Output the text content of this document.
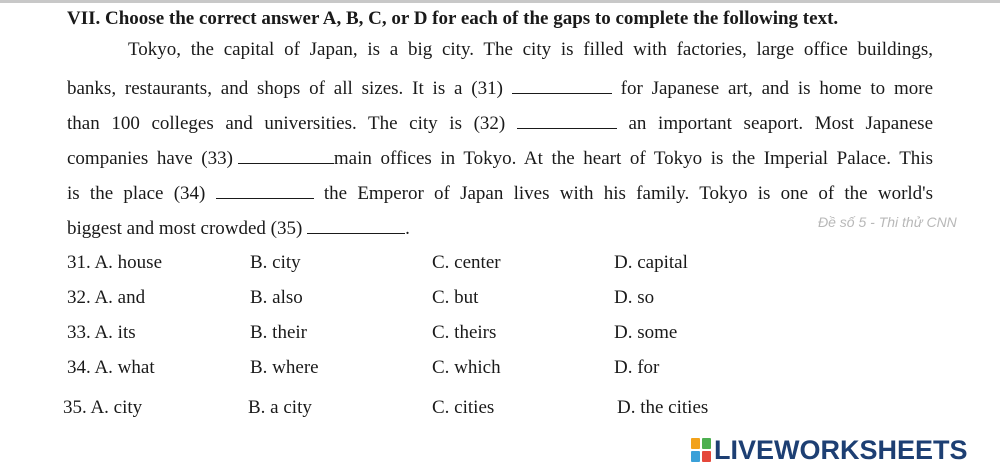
VII. Choose the correct answer A, B, C, or D for each of the gaps to complete the following text.
Tokyo, the capital of Japan, is a big city. The city is filled with factories, large office buildings,
banks, restaurants, and shops of all sizes. It is a (31)	for Japanese art, and is home to more
than 100 colleges and universities. The city is (32)	an important seaport. Most Japanese
companies have (33)	main offices in Tokyo. At the heart of Tokyo is the Imperial Palace. This
is the place (34)	the Emperor of Japan lives with his family. Tokyo is one of the world's
biggest and most crowded (35)	.	Đề số 5 - Thi thử CNN
31. A. house	B. city	C. center	D. capital
32. A. and	B. also	C. but	D. so
33. A. its	B. their	C. theirs	D. some
34. A. what	B. where	C. which	D. for
35. A. city	B. a city	C. cities	D. the cities
LIVEWORKSHEETS
